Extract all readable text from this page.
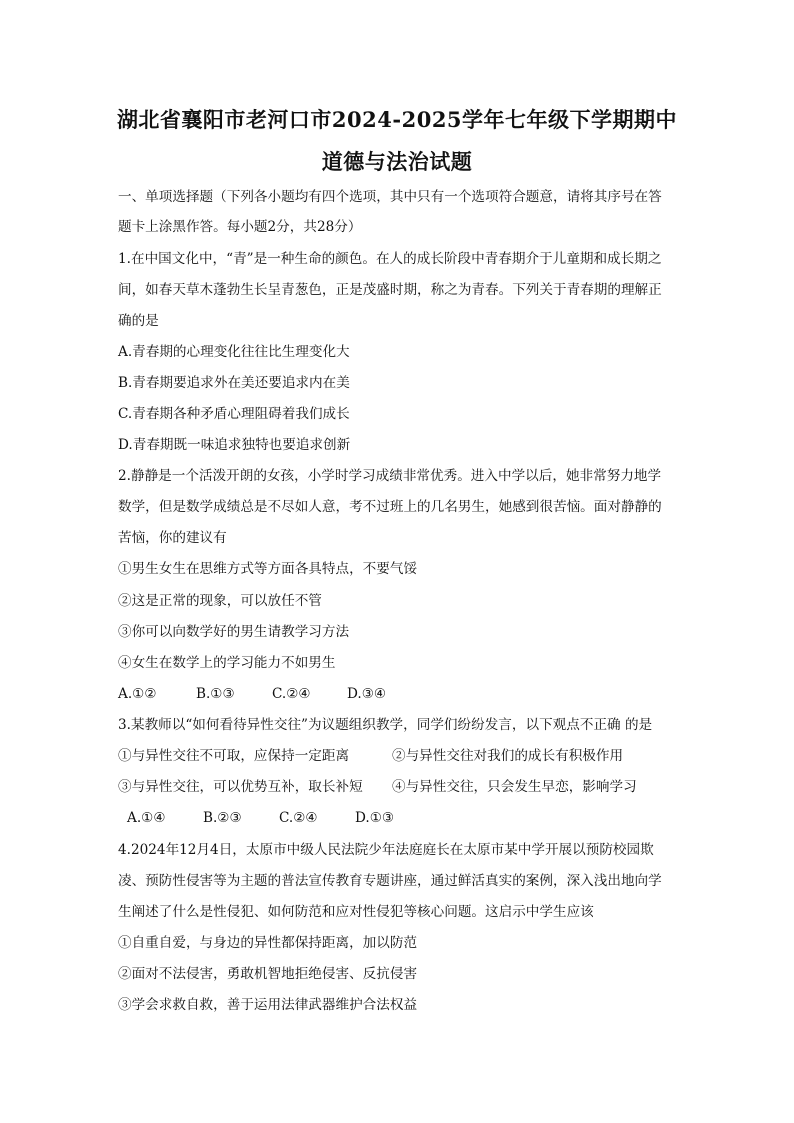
湖北省襄阳市老河口市2024-2025学年七年级下学期期中
道德与法治试题
一、单项选择题（下列各小题均有四个选项，其中只有一个选项符合题意，请将其序号在答
题卡上涂黑作答。每小题2分，共28分）
1.在中国文化中，“青”是一种生命的颜色。在人的成长阶段中青春期介于儿童期和成长期之
间，如春天草木蓬勃生长呈青葱色，正是茂盛时期，称之为青春。下列关于青春期的理解正
确的是
A.青春期的心理变化往往比生理变化大
B.青春期要追求外在美还要追求内在美
C.青春期各种矛盾心理阻碍着我们成长
D.青春期既一味追求独特也要追求创新
2.静静是一个活泼开朗的女孩，小学时学习成绩非常优秀。进入中学以后，她非常努力地学
数学，但是数学成绩总是不尽如人意，考不过班上的几名男生，她感到很苦恼。面对静静的
苦恼，你的建议有
①男生女生在思维方式等方面各具特点，不要气馁
②这是正常的现象，可以放任不管
③你可以向数学好的男生请教学习方法
④女生在数学上的学习能力不如男生
A.①②	B.①③	C.②④	D.③④
3.某教师以“如何看待异性交往”为议题组织教学，同学们纷纷发言，以下观点不正确 的是
①与异性交往不可取，应保持一定距离	②与异性交往对我们的成长有积极作用
③与异性交往，可以优势互补，取长补短 ④与异性交往，只会发生早恋，影响学习
A.①④	B.②③	C.②④	D.①③
4.2024年12月4日，太原市中级人民法院少年法庭庭长在太原市某中学开展以预防校园欺
凌、预防性侵害等为主题的普法宣传教育专题讲座，通过鲜活真实的案例，深入浅出地向学
生阐述了什么是性侵犯、如何防范和应对性侵犯等核心问题。这启示中学生应该
①自重自爱，与身边的异性都保持距离，加以防范
②面对不法侵害，勇敢机智地拒绝侵害、反抗侵害
③学会求救自救，善于运用法律武器维护合法权益
